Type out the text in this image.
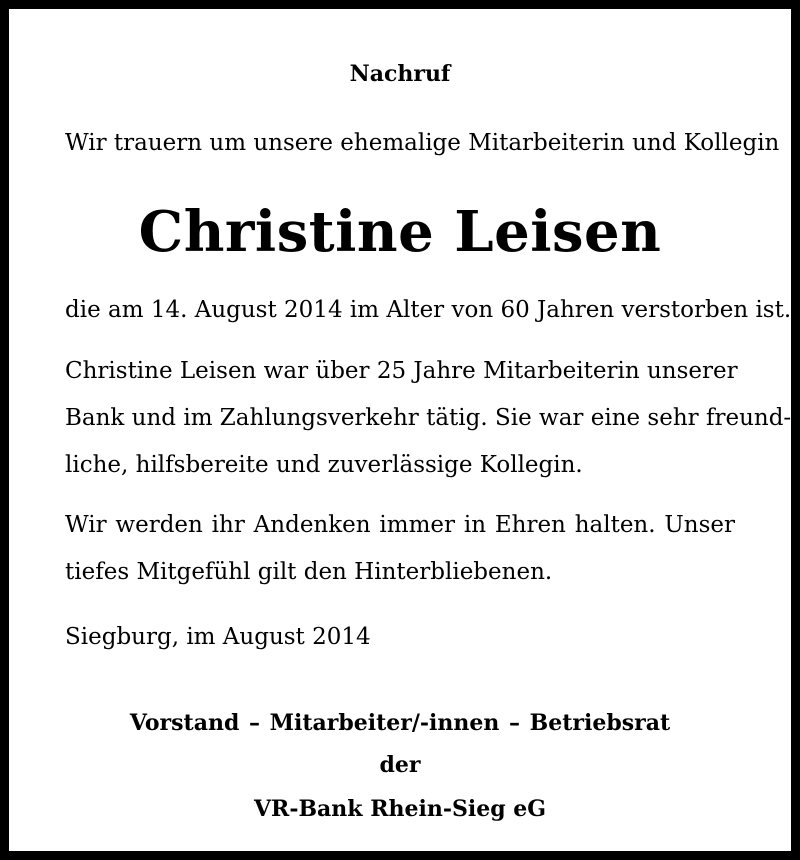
Nachruf
Wir trauern um unsere ehemalige Mitarbeiterin und Kollegin
Christine Leisen
die am 14. August 2014 im Alter von 60 Jahren verstorben ist.
Christine Leisen war über 25 Jahre Mitarbeiterin unserer
Bank und im Zahlungsverkehr tätig. Sie war eine sehr freund-
liche, hilfsbereite und zuverlässige Kollegin.
Wir werden ihr Andenken immer in Ehren halten. Unser
tiefes Mitgefühl gilt den Hinterbliebenen.
Siegburg, im August 2014
Vorstand – Mitarbeiter/-innen – Betriebsrat
der
VR-Bank Rhein-Sieg eG
